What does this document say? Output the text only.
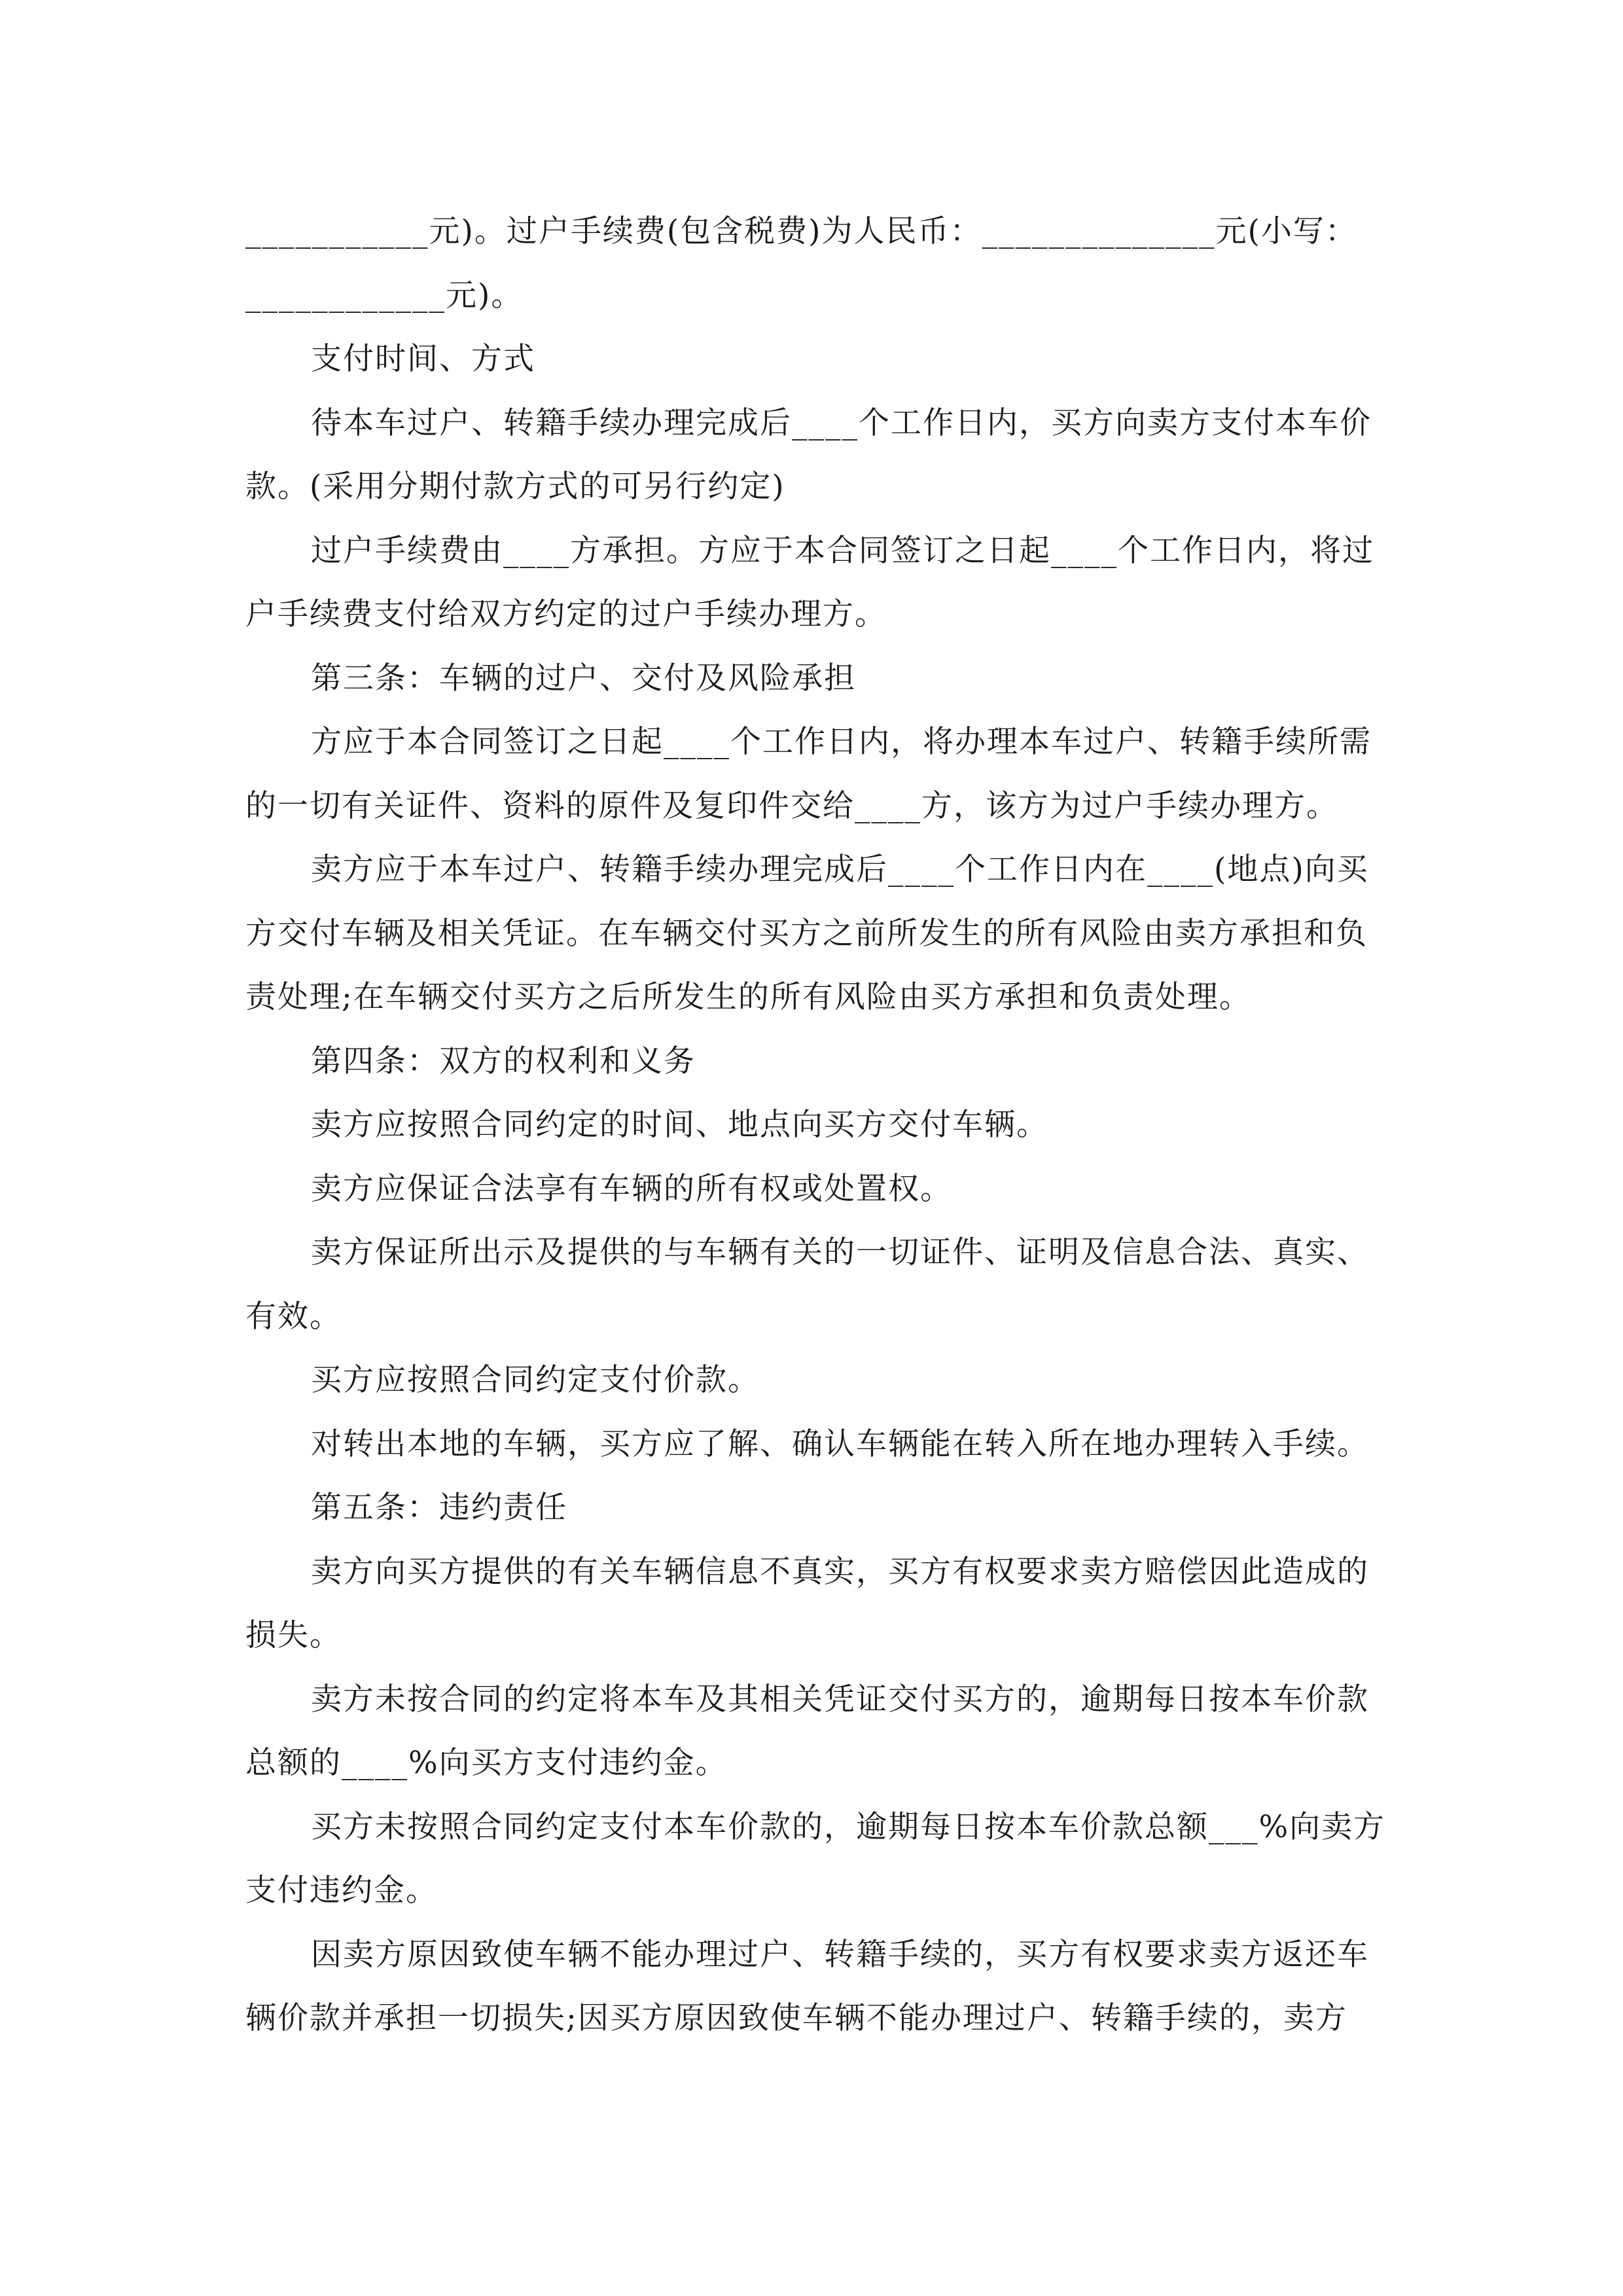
___________元)。过户手续费(包含税费)为人民币：______________元(小写：
____________元)。
支付时间、方式
待本车过户、转籍手续办理完成后____个工作日内，买方向卖方支付本车价
款。(采用分期付款方式的可另行约定)
过户手续费由____方承担。方应于本合同签订之日起____个工作日内，将过
户手续费支付给双方约定的过户手续办理方。
第三条：车辆的过户、交付及风险承担
方应于本合同签订之日起____个工作日内，将办理本车过户、转籍手续所需
的一切有关证件、资料的原件及复印件交给____方，该方为过户手续办理方。
卖方应于本车过户、转籍手续办理完成后____个工作日内在____(地点)向买
方交付车辆及相关凭证。在车辆交付买方之前所发生的所有风险由卖方承担和负
责处理;在车辆交付买方之后所发生的所有风险由买方承担和负责处理。
第四条：双方的权利和义务
卖方应按照合同约定的时间、地点向买方交付车辆。
卖方应保证合法享有车辆的所有权或处置权。
卖方保证所出示及提供的与车辆有关的一切证件、证明及信息合法、真实、
有效。
买方应按照合同约定支付价款。
对转出本地的车辆，买方应了解、确认车辆能在转入所在地办理转入手续。
第五条：违约责任
卖方向买方提供的有关车辆信息不真实，买方有权要求卖方赔偿因此造成的
损失。
卖方未按合同的约定将本车及其相关凭证交付买方的，逾期每日按本车价款
总额的____%向买方支付违约金。
买方未按照合同约定支付本车价款的，逾期每日按本车价款总额___%向卖方
支付违约金。
因卖方原因致使车辆不能办理过户、转籍手续的，买方有权要求卖方返还车
辆价款并承担一切损失;因买方原因致使车辆不能办理过户、转籍手续的，卖方
